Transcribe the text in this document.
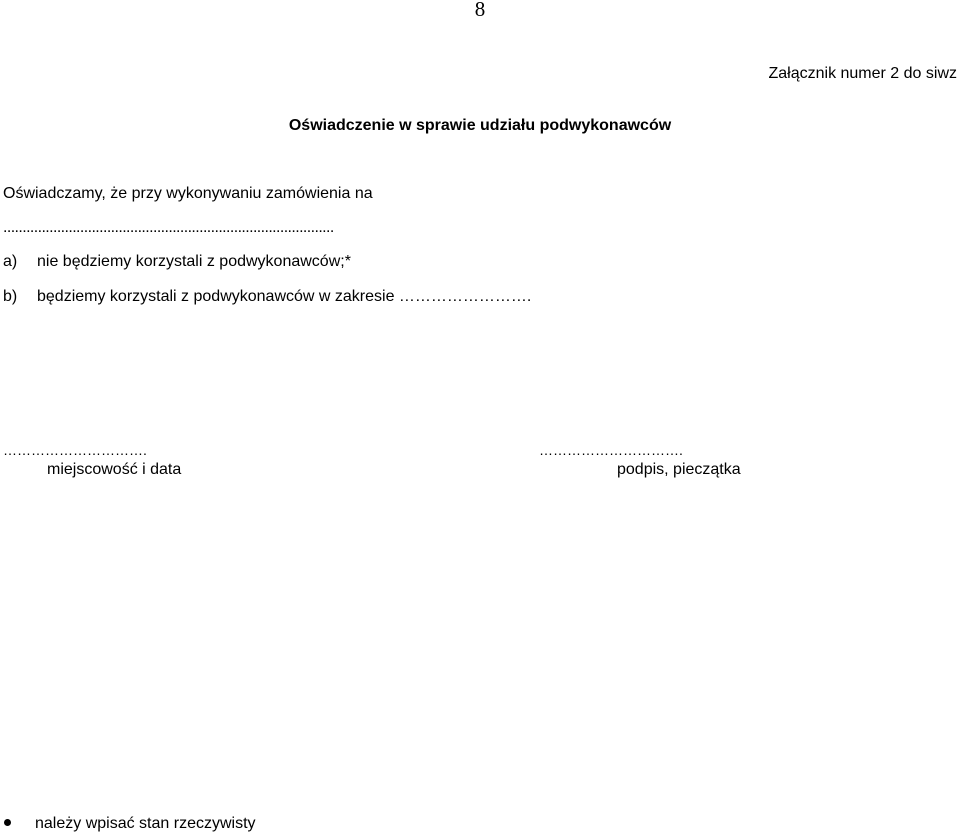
8
Załącznik numer 2 do siwz
Oświadczenie w sprawie udziału podwykonawców
Oświadczamy, że przy wykonywaniu zamówienia na
......................................................................................
a) nie będziemy korzystali z podwykonawców;*
b) będziemy korzystali z podwykonawców w zakresie …………………….
………………………….
miejscowość i data
………………………….
podpis, pieczątka
należy wpisać stan rzeczywisty
